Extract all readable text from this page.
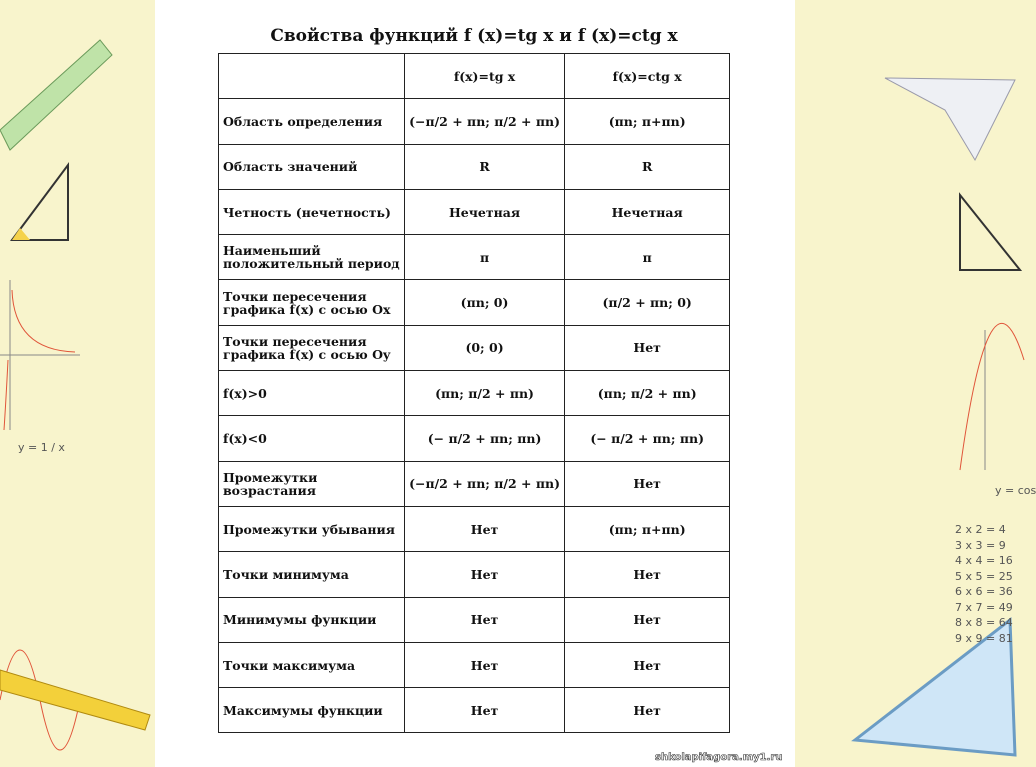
y = cos
y = 1 / x
2 x 2 = 4
3 x 3 = 9
4 x 4 = 16
5 x 5 = 25
6 x 6 = 36
7 x 7 = 49
8 x 8 = 64
9 x 9 = 81
Свойства функций f (x)=tg x и f (x)=ctg x
	f(x)=tg x	f(x)=ctg x
Область определения	(−π/2 + πn; π/2 + πn)	(πn; π+πn)
Область значений	R	R
Четность (нечетность)	Нечетная	Нечетная
Наименьший положительный период	π	π
Точки пересечения графика f(x) с осью Ox	(πn; 0)	(π/2 + πn; 0)
Точки пересечения графика f(x) с осью Oy	(0; 0)	Нет
f(x)>0	(πn; π/2 + πn)	(πn; π/2 + πn)
f(x)<0	(− π/2 + πn; πn)	(− π/2 + πn; πn)
Промежутки возрастания	(−π/2 + πn; π/2 + πn)	Нет
Промежутки убывания	Нет	(πn; π+πn)
Точки минимума	Нет	Нет
Минимумы функции	Нет	Нет
Точки максимума	Нет	Нет
Максимумы функции	Нет	Нет
shkolapifagora.my1.ru
